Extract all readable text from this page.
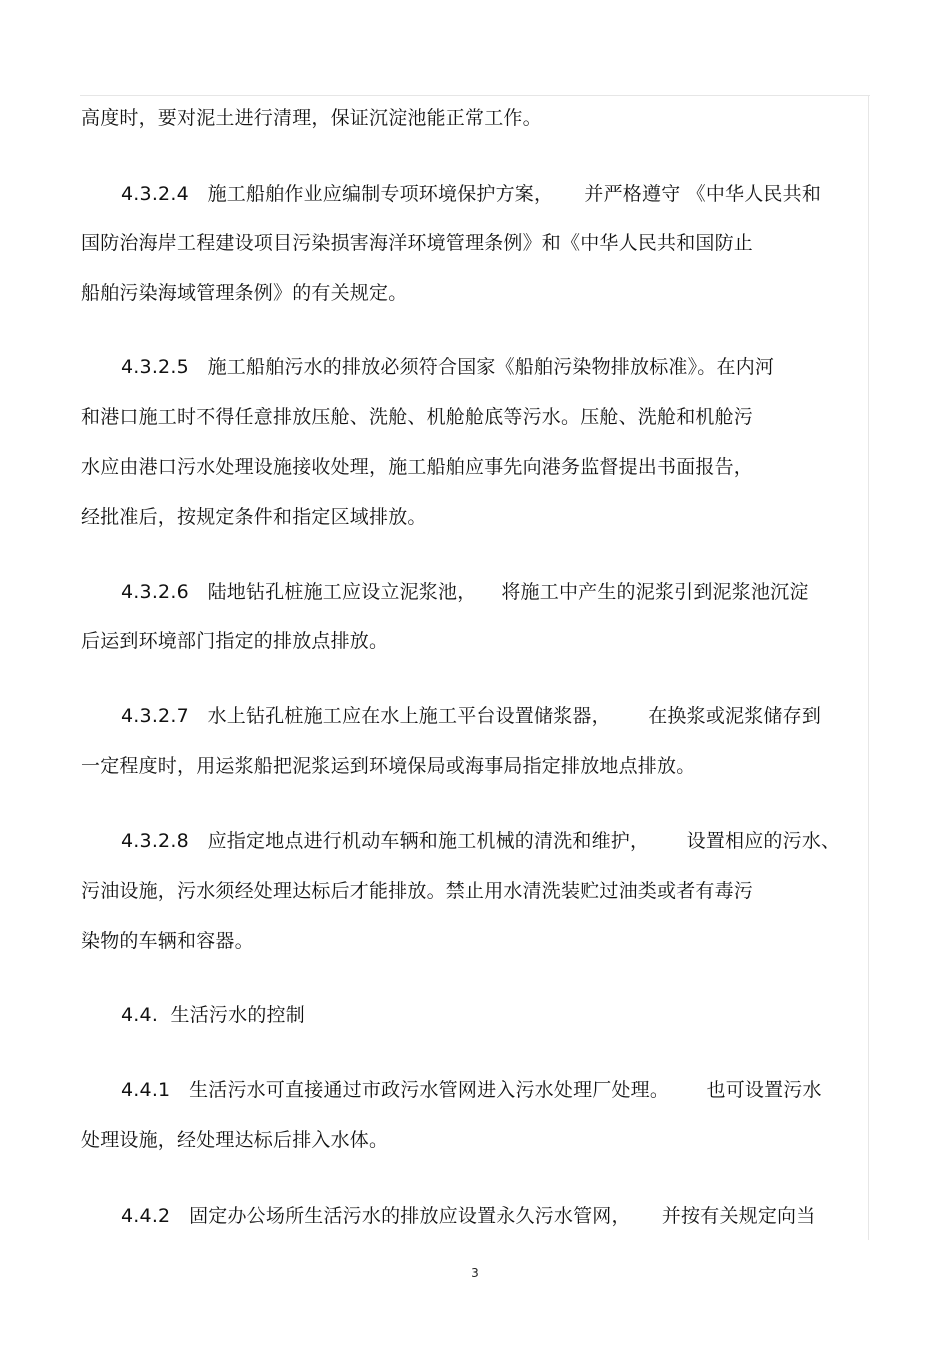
高度时，要对泥土进行清理，保证沉淀池能正常工作。
4.3.2.4   施工船舶作业应编制专项环境保护方案，     并严格遵守 《中华人民共和
国防治海岸工程建设项目污染损害海洋环境管理条例》和《中华人民共和国防止
船舶污染海域管理条例》的有关规定。
4.3.2.5   施工船舶污水的排放必须符合国家《船舶污染物排放标准》。在内河
和港口施工时不得任意排放压舱、洗舱、机舱舱底等污水。压舱、洗舱和机舱污
水应由港口污水处理设施接收处理，施工船舶应事先向港务监督提出书面报告，
经批准后，按规定条件和指定区域排放。
4.3.2.6   陆地钻孔桩施工应设立泥浆池，    将施工中产生的泥浆引到泥浆池沉淀
后运到环境部门指定的排放点排放。
4.3.2.7   水上钻孔桩施工应在水上施工平台设置储浆器，      在换浆或泥浆储存到
一定程度时，用运浆船把泥浆运到环境保局或海事局指定排放地点排放。
4.3.2.8   应指定地点进行机动车辆和施工机械的清洗和维护，      设置相应的污水、
污油设施，污水须经处理达标后才能排放。禁止用水清洗装贮过油类或者有毒污
染物的车辆和容器。
4.4.  生活污水的控制
4.4.1   生活污水可直接通过市政污水管网进入污水处理厂处理。      也可设置污水
处理设施，经处理达标后排入水体。
4.4.2   固定办公场所生活污水的排放应设置永久污水管网，     并按有关规定向当
3
